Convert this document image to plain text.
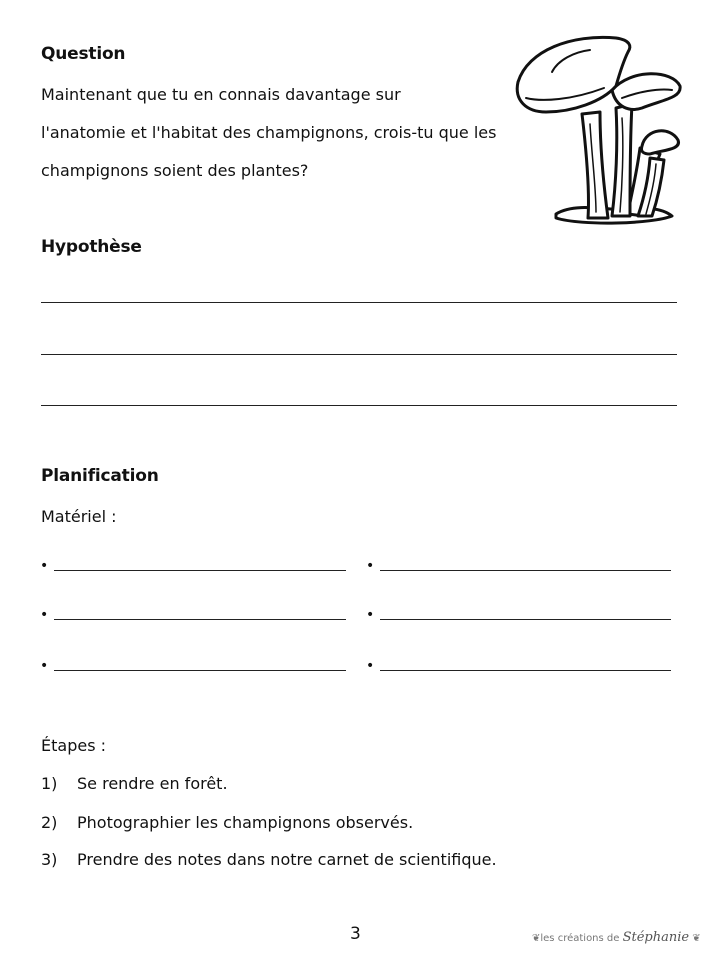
Question
Maintenant que tu en connais davantage sur
l'anatomie et l'habitat des champignons, crois-tu que les
champignons soient des plantes?
Hypothèse
Planification
Matériel :
•	•
•	•
•	•
Étapes :
1) Se rendre en forêt.
2) Photographier les champignons observés.
3) Prendre des notes dans notre carnet de scientifique.
3	❦les créations de Stéphanie ❦
